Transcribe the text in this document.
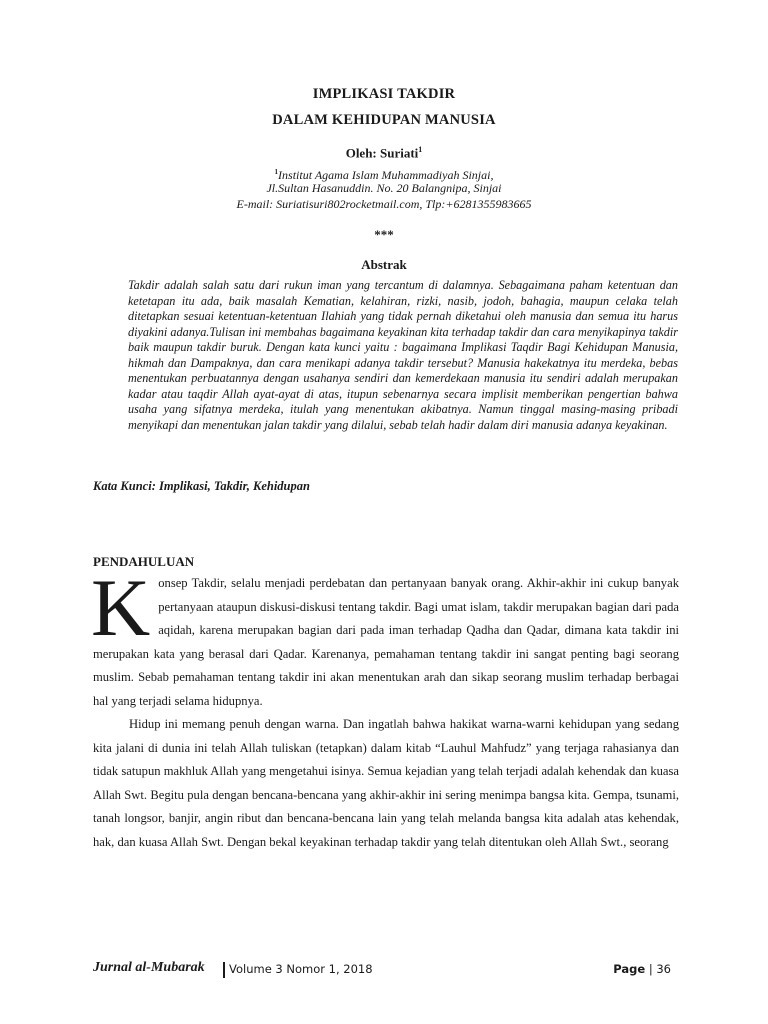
IMPLIKASI TAKDIR
DALAM KEHIDUPAN MANUSIA
Oleh: Suriati$^1$
$^1$Institut Agama Islam Muhammadiyah Sinjai,
Jl.Sultan Hasanuddin. No. 20 Balangnipa, Sinjai
E-mail: Suriatisuri802rocketmail.com, Tlp:+6281355983665
***
Abstrak

Takdir adalah salah satu dari rukun iman yang tercantum di dalamnya. Sebagaimana paham ketentuan dan ketetapan itu ada, baik masalah Kematian, kelahiran, rizki, nasib, jodoh, bahagia, maupun celaka telah ditetapkan sesuai ketentuan-ketentuan Ilahiah yang tidak pernah diketahui oleh manusia dan semua itu harus diyakini adanya.Tulisan ini membahas bagaimana keyakinan kita terhadap takdir dan cara menyikapinya takdir baik maupun takdir buruk. Dengan kata kunci yaitu : bagaimana Implikasi Taqdir Bagi Kehidupan Manusia, hikmah dan Dampaknya, dan cara menikapi adanya takdir tersebut? Manusia hakekatnya itu merdeka, bebas menentukan perbuatannya dengan usahanya sendiri dan kemerdekaan manusia itu sendiri adalah merupakan kadar atau taqdir Allah ayat-ayat di atas, itupun sebenarnya secara implisit memberikan pengertian bahwa usaha yang sifatnya merdeka, itulah yang menentukan akibatnya. Namun tinggal masing-masing pribadi menyikapi dan menentukan jalan takdir yang dilalui, sebab telah hadir dalam diri manusia adanya keyakinan.

Kata Kunci: Implikasi, Takdir, Kehidupan
PENDAHULUAN

Konsep Takdir, selalu menjadi perdebatan dan pertanyaan banyak orang. Akhir-akhir ini cukup banyak pertanyaan ataupun diskusi-diskusi tentang takdir. Bagi umat islam, takdir merupakan bagian dari pada aqidah, karena merupakan bagian dari pada iman terhadap Qadha dan Qadar, dimana kata takdir ini merupakan kata yang berasal dari Qadar. Karenanya, pemahaman tentang takdir ini sangat penting bagi seorang muslim. Sebab pemahaman tentang takdir ini akan menentukan arah dan sikap seorang muslim terhadap berbagai hal yang terjadi selama hidupnya.

Hidup ini memang penuh dengan warna. Dan ingatlah bahwa hakikat warna-warni kehidupan yang sedang kita jalani di dunia ini telah Allah tuliskan (tetapkan) dalam kitab “Lauhul Mahfudz” yang terjaga rahasianya dan tidak satupun makhluk Allah yang mengetahui isinya. Semua kejadian yang telah terjadi adalah kehendak dan kuasa Allah Swt. Begitu pula dengan bencana-bencana yang akhir-akhir ini sering menimpa bangsa kita. Gempa, tsunami, tanah longsor, banjir, angin ribut dan bencana-bencana lain yang telah melanda bangsa kita adalah atas kehendak, hak, dan kuasa Allah Swt. Dengan bekal keyakinan terhadap takdir yang telah ditentukan oleh Allah Swt., seorang

Jurnal al-Mubarak Volume 3 Nomor 1, 2018	Page | 36
